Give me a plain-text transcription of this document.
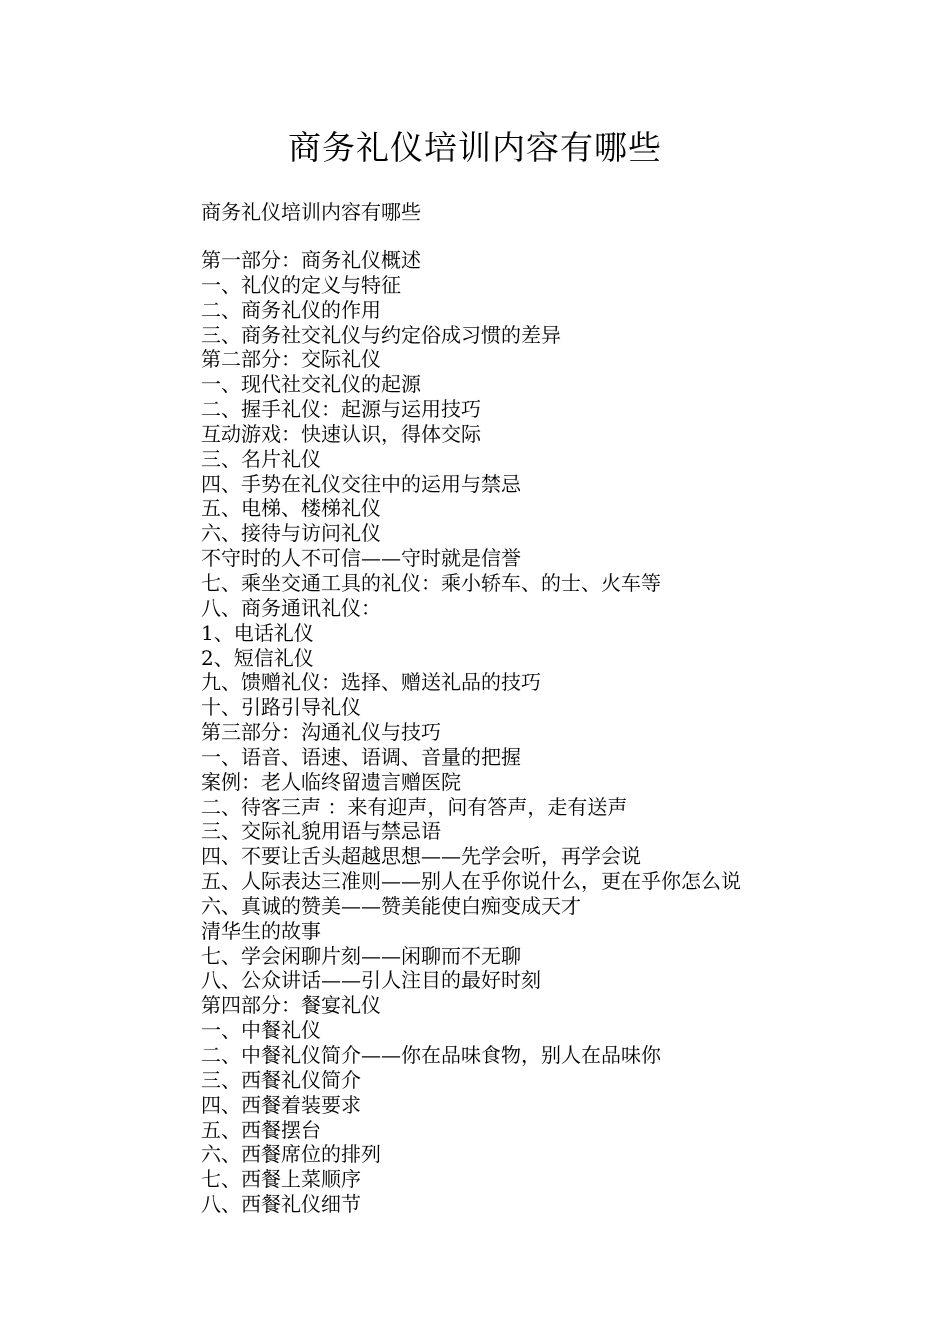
商务礼仪培训内容有哪些

商务礼仪培训内容有哪些

第一部分：商务礼仪概述
一、礼仪的定义与特征
二、商务礼仪的作用
三、商务社交礼仪与约定俗成习惯的差异
第二部分：交际礼仪
一、现代社交礼仪的起源
二、握手礼仪：起源与运用技巧
互动游戏：快速认识，得体交际
三、名片礼仪
四、手势在礼仪交往中的运用与禁忌
五、电梯、楼梯礼仪
六、接待与访问礼仪
不守时的人不可信——守时就是信誉
七、乘坐交通工具的礼仪：乘小轿车、的士、火车等
八、商务通讯礼仪：
1、电话礼仪
2、短信礼仪
九、馈赠礼仪：选择、赠送礼品的技巧
十、引路引导礼仪
第三部分：沟通礼仪与技巧
一、语音、语速、语调、音量的把握
案例：老人临终留遗言赠医院
二、待客三声 ：来有迎声，问有答声，走有送声
三、交际礼貌用语与禁忌语
四、不要让舌头超越思想——先学会听，再学会说
五、人际表达三准则——别人在乎你说什么，更在乎你怎么说
六、真诚的赞美——赞美能使白痴变成天才
清华生的故事
七、学会闲聊片刻——闲聊而不无聊
八、公众讲话——引人注目的最好时刻
第四部分：餐宴礼仪
一、中餐礼仪
二、中餐礼仪简介——你在品味食物，别人在品味你
三、西餐礼仪简介
四、西餐着装要求
五、西餐摆台
六、西餐席位的排列
七、西餐上菜顺序
八、西餐礼仪细节
